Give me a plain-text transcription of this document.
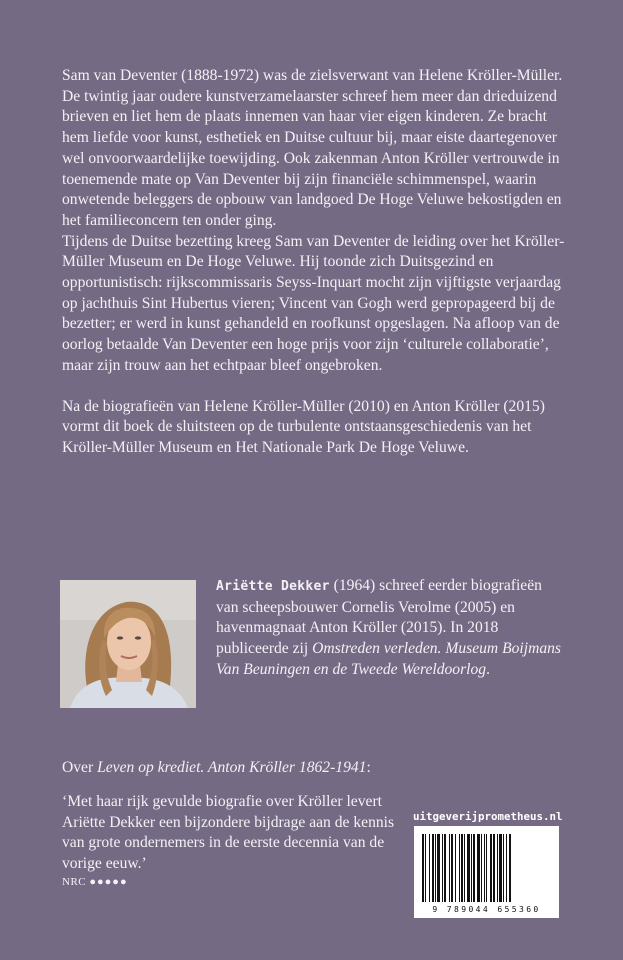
Sam van Deventer (1888-1972) was de zielsverwant van Helene Kröller-Müller. De twintig jaar oudere kunstverzamelaarster schreef hem meer dan drieduizend brieven en liet hem de plaats innemen van haar vier eigen kinderen. Ze bracht hem liefde voor kunst, esthetiek en Duitse cultuur bij, maar eiste daartegenover wel onvoorwaardelijke toewijding. Ook zakenman Anton Kröller vertrouwde in toenemende mate op Van Deventer bij zijn financiële schimmenspel, waarin onwetende beleggers de opbouw van landgoed De Hoge Veluwe bekostigden en het familieconcern ten onder ging.

Tijdens de Duitse bezetting kreeg Sam van Deventer de leiding over het Kröller-Müller Museum en De Hoge Veluwe. Hij toonde zich Duitsgezind en opportunistisch: rijkscommissaris Seyss-Inquart mocht zijn vijftigste verjaardag op jachthuis Sint Hubertus vieren; Vincent van Gogh werd gepropageerd bij de bezetter; er werd in kunst gehandeld en roofkunst opgeslagen. Na afloop van de oorlog betaalde Van Deventer een hoge prijs voor zijn ‘culturele collaboratie’, maar zijn trouw aan het echtpaar bleef ongebroken.

Na de biografieën van Helene Kröller-Müller (2010) en Anton Kröller (2015) vormt dit boek de sluitsteen op de turbulente ontstaansgeschiedenis van het Kröller-Müller Museum en Het Nationale Park De Hoge Veluwe.

Ariëtte Dekker (1964) schreef eerder biografieën van scheepsbouwer Cornelis Verolme (2005) en havenmagnaat Anton Kröller (2015). In 2018 publiceerde zij Omstreden verleden. Museum Boijmans Van Beuningen en de Tweede Wereldoorlog.
Over Leven op krediet. Anton Kröller 1862-1941:
‘Met haar rijk gevulde biografie over Kröller levert Ariëtte Dekker een bijzondere bijdrage aan de kennis van grote ondernemers in de eerste decennia van de vorige eeuw.’
NRC ●●●●●
uitgeverijprometheus.nl
9 789044 655360
